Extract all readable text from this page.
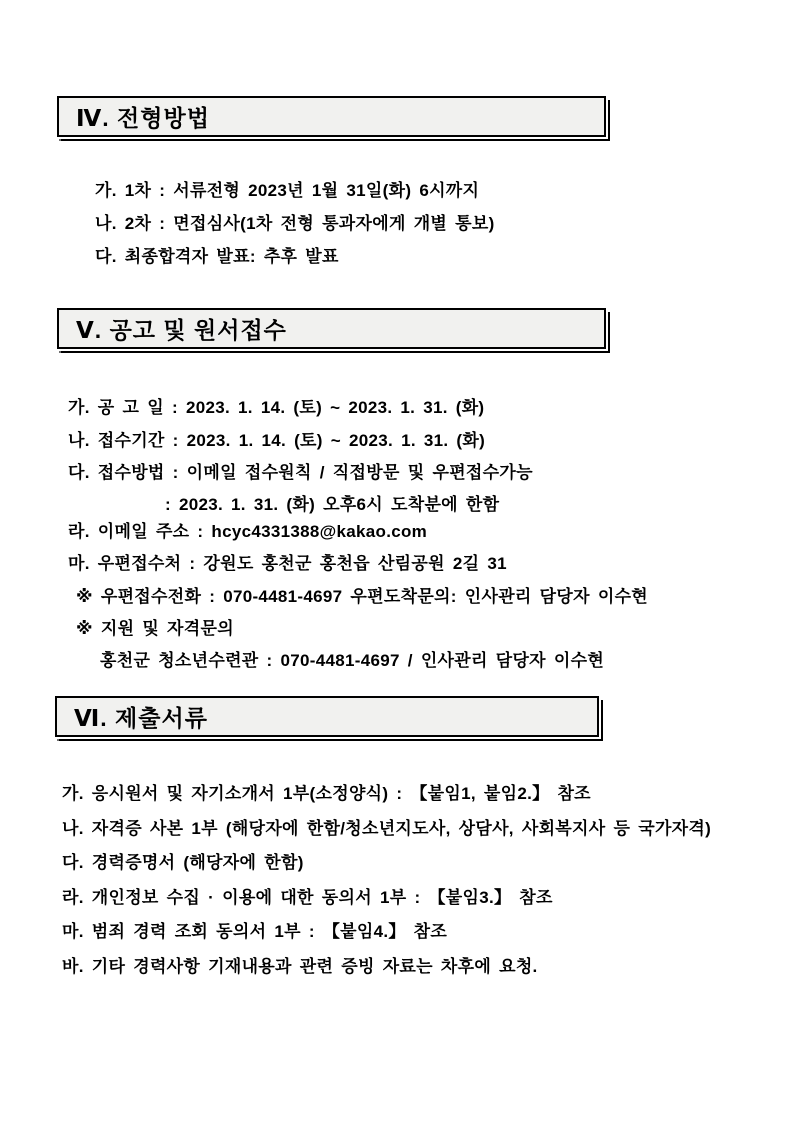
Ⅳ. 전형방법

가. 1차 : 서류전형 2023년 1월 31일(화) 6시까지

나. 2차 : 면접심사(1차 전형 통과자에게 개별 통보)

다. 최종합격자 발표: 추후 발표

Ⅴ. 공고 및 원서접수

가. 공 고 일 : 2023. 1. 14. (토) ~ 2023. 1. 31. (화)

나. 접수기간 : 2023. 1. 14. (토) ~ 2023. 1. 31. (화)

다. 접수방법 : 이메일 접수원칙 / 직접방문 및 우편접수가능

: 2023. 1. 31. (화) 오후6시 도착분에 한함

라. 이메일 주소 : hcyc4331388@kakao.com

마. 우편접수처 : 강원도 홍천군 홍천읍 산림공원 2길 31

※ 우편접수전화 : 070-4481-4697 우편도착문의: 인사관리 담당자 이수현

※ 지원 및 자격문의

홍천군 청소년수련관 : 070-4481-4697 / 인사관리 담당자 이수현

Ⅵ. 제출서류

가. 응시원서 및 자기소개서 1부(소정양식) : 【붙임1, 붙임2.】 참조

나. 자격증 사본 1부 (해당자에 한함/청소년지도사, 상담사, 사회복지사 등 국가자격)

다. 경력증명서 (해당자에 한함)

라. 개인정보 수집 · 이용에 대한 동의서 1부 : 【붙임3.】 참조

마. 범죄 경력 조회 동의서 1부 : 【붙임4.】 참조

바. 기타 경력사항 기재내용과 관련 증빙 자료는 차후에 요청.
